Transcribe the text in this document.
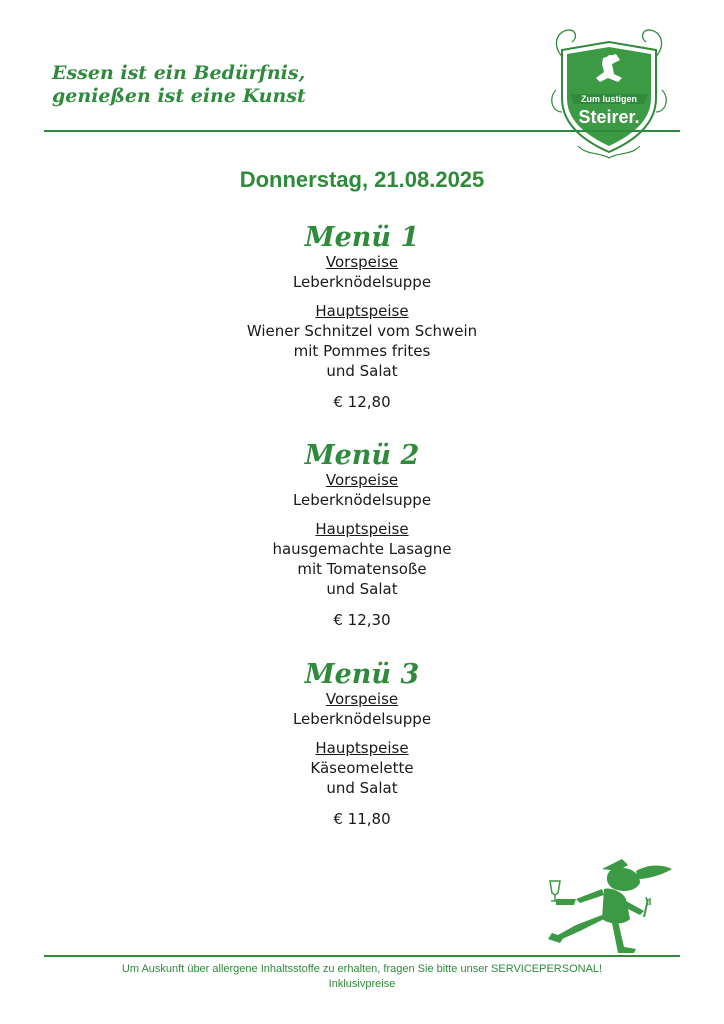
Essen ist ein Bedürfnis,
genießen ist eine Kunst	Zum lustigen
Steirer.
Donnerstag, 21.08.2025
Menü 1
Vorspeise
Leberknödelsuppe
Hauptspeise
Wiener Schnitzel vom Schwein
mit Pommes frites
und Salat
€ 12,80
Menü 2
Vorspeise
Leberknödelsuppe
Hauptspeise
hausgemachte Lasagne
mit Tomatensoße
und Salat
€ 12,30
Menü 3
Vorspeise
Leberknödelsuppe
Hauptspeise
Käseomelette
und Salat
€ 11,80
Um Auskunft über allergene Inhaltsstoffe zu erhalten, fragen Sie bitte unser SERVICEPERSONAL!
Inklusivpreise
